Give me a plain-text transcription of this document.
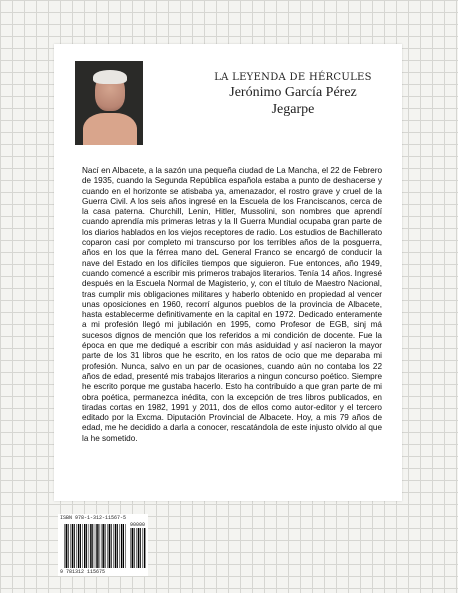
LA LEYENDA DE HÉRCULES
Jerónimo García Pérez
Jegarpe

Nací en Albacete, a la sazón una pequeña ciudad de La Mancha, el 22 de Febrero de 1935, cuando la Segunda República española estaba a punto de deshacerse y cuando en el horizonte se atisbaba ya, amenazador, el rostro grave y cruel de la Guerra Civil. A los seis años ingresé en la Escuela de los Franciscanos, cerca de la casa paterna. Churchill, Lenin, Hitler, Mussolini, son nombres que aprendí cuando aprendía mis primeras letras y la II Guerra Mundial ocupaba gran parte de los diarios hablados en los viejos receptores de radio. Los estudios de Bachillerato coparon casi por completo mi transcurso por los terribles años de la posguerra, años en los que la férrea mano deL General Franco se encargó de conducir la nave del Estado en los difíciles tiempos que siguieron. Fue entonces, año 1949, cuando comencé a escribir mis primeros trabajos literarios. Tenía 14 años. Ingresé después en la Escuela Normal de Magisterio, y, con el título de Maestro Nacional, tras cumplir mis obligaciones militares y haberlo obtenido en propiedad al vencer unas oposiciones en 1960, recorrí algunos pueblos de la provincia de Albacete, hasta establecerme definitivamente en la capital en 1972. Dedicado enteramente a mi profesión llegó mi jubilación en 1995, como Profesor de EGB, sinj má sucesos dignos de mención que los referidos a mi condición de docente. Fue la época en que me dediqué a escribir con más asiduidad y así nacieron la mayor parte de los 31 libros que he escrito, en los ratos de ocio que me deparaba mi profesión. Nunca, salvo en un par de ocasiones, cuando aún no contaba los 22 años de edad, presenté mis trabajos literarios a ningun concurso poético. Siempre he escrito porque me gustaba hacerlo. Esto ha contribuido a que gran parte de mi obra poética, permanezca inédita, con la excepción de tres libros publicados, en tiradas cortas en 1982, 1991 y 2011, dos de ellos como autor-editor y el tercero editado por la Excma. Diputación Provincial de Albacete. Hoy, a mis 79 años de edad, me he decidido a darla a conocer, rescatándola de este injusto olvido al que la he sometido.

ISBN 978-1-312-11567-5
90000
9 781312 115675
